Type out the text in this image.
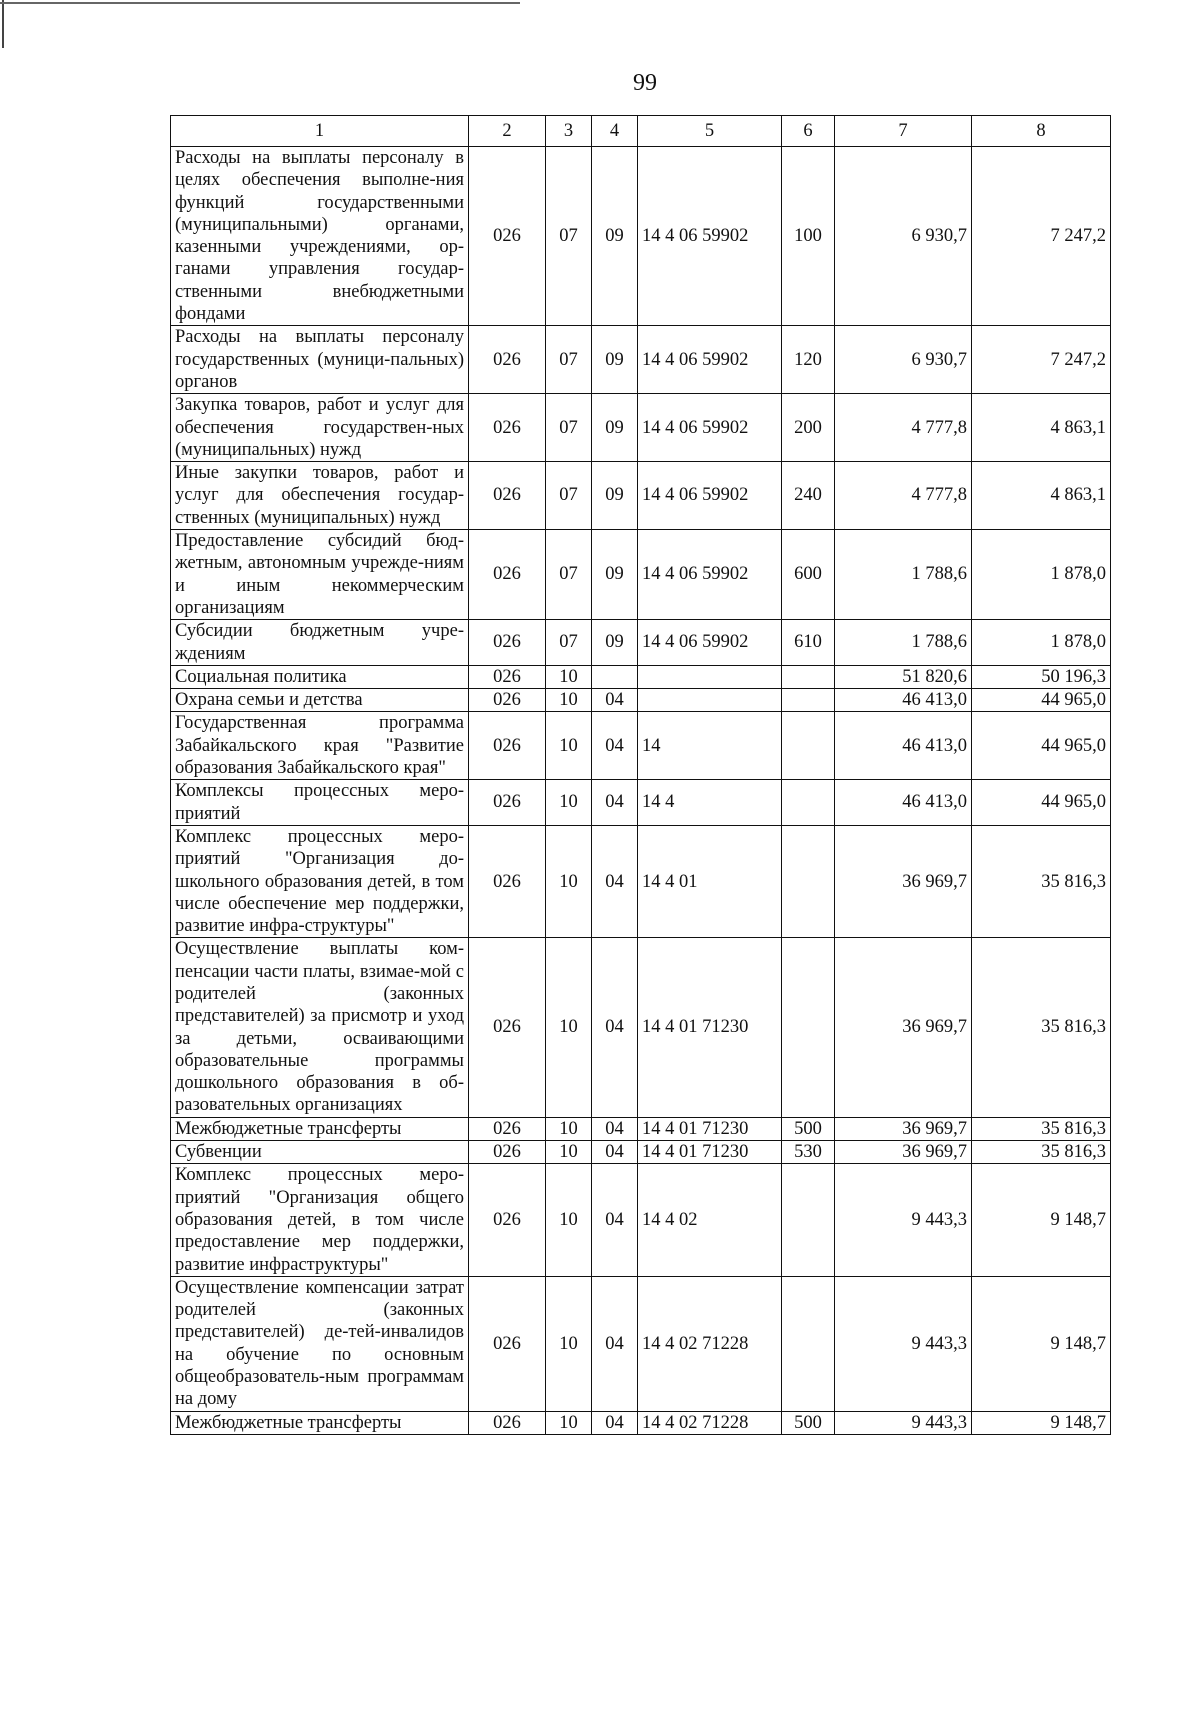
99
1	2	3	4	5	6	7	8
Расходы на выплаты персоналу в целях обеспечения выполне-ния функций государственными (муниципальными) органами, казенными учреждениями, ор-ганами управления государ-ственными внебюджетными фондами	026	07	09	14 4 06 59902	100	6 930,7	7 247,2
Расходы на выплаты персоналу государственных (муници-пальных) органов	026	07	09	14 4 06 59902	120	6 930,7	7 247,2
Закупка товаров, работ и услуг для обеспечения государствен-ных (муниципальных) нужд	026	07	09	14 4 06 59902	200	4 777,8	4 863,1
Иные закупки товаров, работ и услуг для обеспечения государ-ственных (муниципальных) нужд	026	07	09	14 4 06 59902	240	4 777,8	4 863,1
Предоставление субсидий бюд-жетным, автономным учрежде-ниям и иным некоммерческим организациям	026	07	09	14 4 06 59902	600	1 788,6	1 878,0
Субсидии бюджетным учре-ждениям	026	07	09	14 4 06 59902	610	1 788,6	1 878,0
Социальная политика	026	10				51 820,6	50 196,3
Охрана семьи и детства	026	10	04			46 413,0	44 965,0
Государственная программа Забайкальского края "Развитие образования Забайкальского края"	026	10	04	14		46 413,0	44 965,0
Комплексы процессных меро-приятий	026	10	04	14 4		46 413,0	44 965,0
Комплекс процессных меро-приятий "Организация до-школьного образования детей, в том числе обеспечение мер поддержки, развитие инфра-структуры"	026	10	04	14 4 01		36 969,7	35 816,3
Осуществление выплаты ком-пенсации части платы, взимае-мой с родителей (законных представителей) за присмотр и уход за детьми, осваивающими образовательные программы дошкольного образования в об-разовательных организациях	026	10	04	14 4 01 71230		36 969,7	35 816,3
Межбюджетные трансферты	026	10	04	14 4 01 71230	500	36 969,7	35 816,3
Субвенции	026	10	04	14 4 01 71230	530	36 969,7	35 816,3
Комплекс процессных меро-приятий "Организация общего образования детей, в том числе предоставление мер поддержки, развитие инфраструктуры"	026	10	04	14 4 02		9 443,3	9 148,7
Осуществление компенсации затрат родителей (законных представителей) де-тей-инвалидов на обучение по основным общеобразователь-ным программам на дому	026	10	04	14 4 02 71228		9 443,3	9 148,7
Межбюджетные трансферты	026	10	04	14 4 02 71228	500	9 443,3	9 148,7
